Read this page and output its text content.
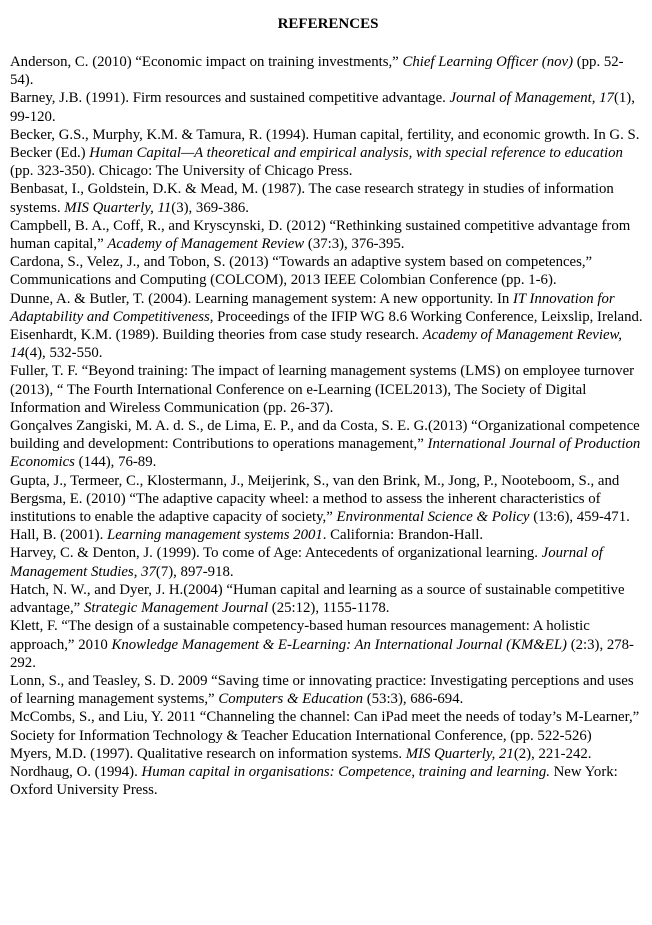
REFERENCES
Anderson, C. (2010) “Economic impact on training investments,” Chief Learning Officer (nov) (pp. 52-54).
Barney, J.B. (1991). Firm resources and sustained competitive advantage. Journal of Management, 17(1), 99-120.
Becker, G.S., Murphy, K.M. & Tamura, R. (1994). Human capital, fertility, and economic growth. In G. S. Becker (Ed.) Human Capital—A theoretical and empirical analysis, with special reference to education (pp. 323-350). Chicago: The University of Chicago Press.
Benbasat, I., Goldstein, D.K. & Mead, M. (1987). The case research strategy in studies of information systems. MIS Quarterly, 11(3), 369-386.
Campbell, B. A., Coff, R., and Kryscynski, D. (2012) “Rethinking sustained competitive advantage from human capital,” Academy of Management Review (37:3), 376-395.
Cardona, S., Velez, J., and Tobon, S. (2013) “Towards an adaptive system based on competences,” Communications and Computing (COLCOM), 2013 IEEE Colombian Conference (pp. 1-6).
Dunne, A. & Butler, T. (2004). Learning management system: A new opportunity. In IT Innovation for Adaptability and Competitiveness, Proceedings of the IFIP WG 8.6 Working Conference, Leixslip, Ireland.
Eisenhardt, K.M. (1989). Building theories from case study research. Academy of Management Review, 14(4), 532-550.
Fuller, T. F. “Beyond training: The impact of learning management systems (LMS) on employee turnover (2013), “ The Fourth International Conference on e-Learning (ICEL2013), The Society of Digital Information and Wireless Communication (pp. 26-37).
Gonçalves Zangiski, M. A. d. S., de Lima, E. P., and da Costa, S. E. G.(2013) “Organizational competence building and development: Contributions to operations management,” International Journal of Production Economics (144), 76-89.
Gupta, J., Termeer, C., Klostermann, J., Meijerink, S., van den Brink, M., Jong, P., Nooteboom, S., and Bergsma, E. (2010) “The adaptive capacity wheel: a method to assess the inherent characteristics of institutions to enable the adaptive capacity of society,” Environmental Science & Policy (13:6), 459-471.
Hall, B. (2001). Learning management systems 2001. California: Brandon-Hall.
Harvey, C. & Denton, J. (1999). To come of Age: Antecedents of organizational learning. Journal of Management Studies, 37(7), 897-918.
Hatch, N. W., and Dyer, J. H.(2004) “Human capital and learning as a source of sustainable competitive advantage,” Strategic Management Journal (25:12), 1155-1178.
Klett, F. “The design of a sustainable competency-based human resources management: A holistic approach,” 2010 Knowledge Management & E-Learning: An International Journal (KM&EL) (2:3), 278-292.
Lonn, S., and Teasley, S. D. 2009 “Saving time or innovating practice: Investigating perceptions and uses of learning management systems,” Computers & Education (53:3), 686-694.
McCombs, S., and Liu, Y. 2011 “Channeling the channel: Can iPad meet the needs of today’s M-Learner,” Society for Information Technology & Teacher Education International Conference, (pp. 522-526)
Myers, M.D. (1997). Qualitative research on information systems. MIS Quarterly, 21(2), 221-242.
Nordhaug, O. (1994). Human capital in organisations: Competence, training and learning. New York: Oxford University Press.
